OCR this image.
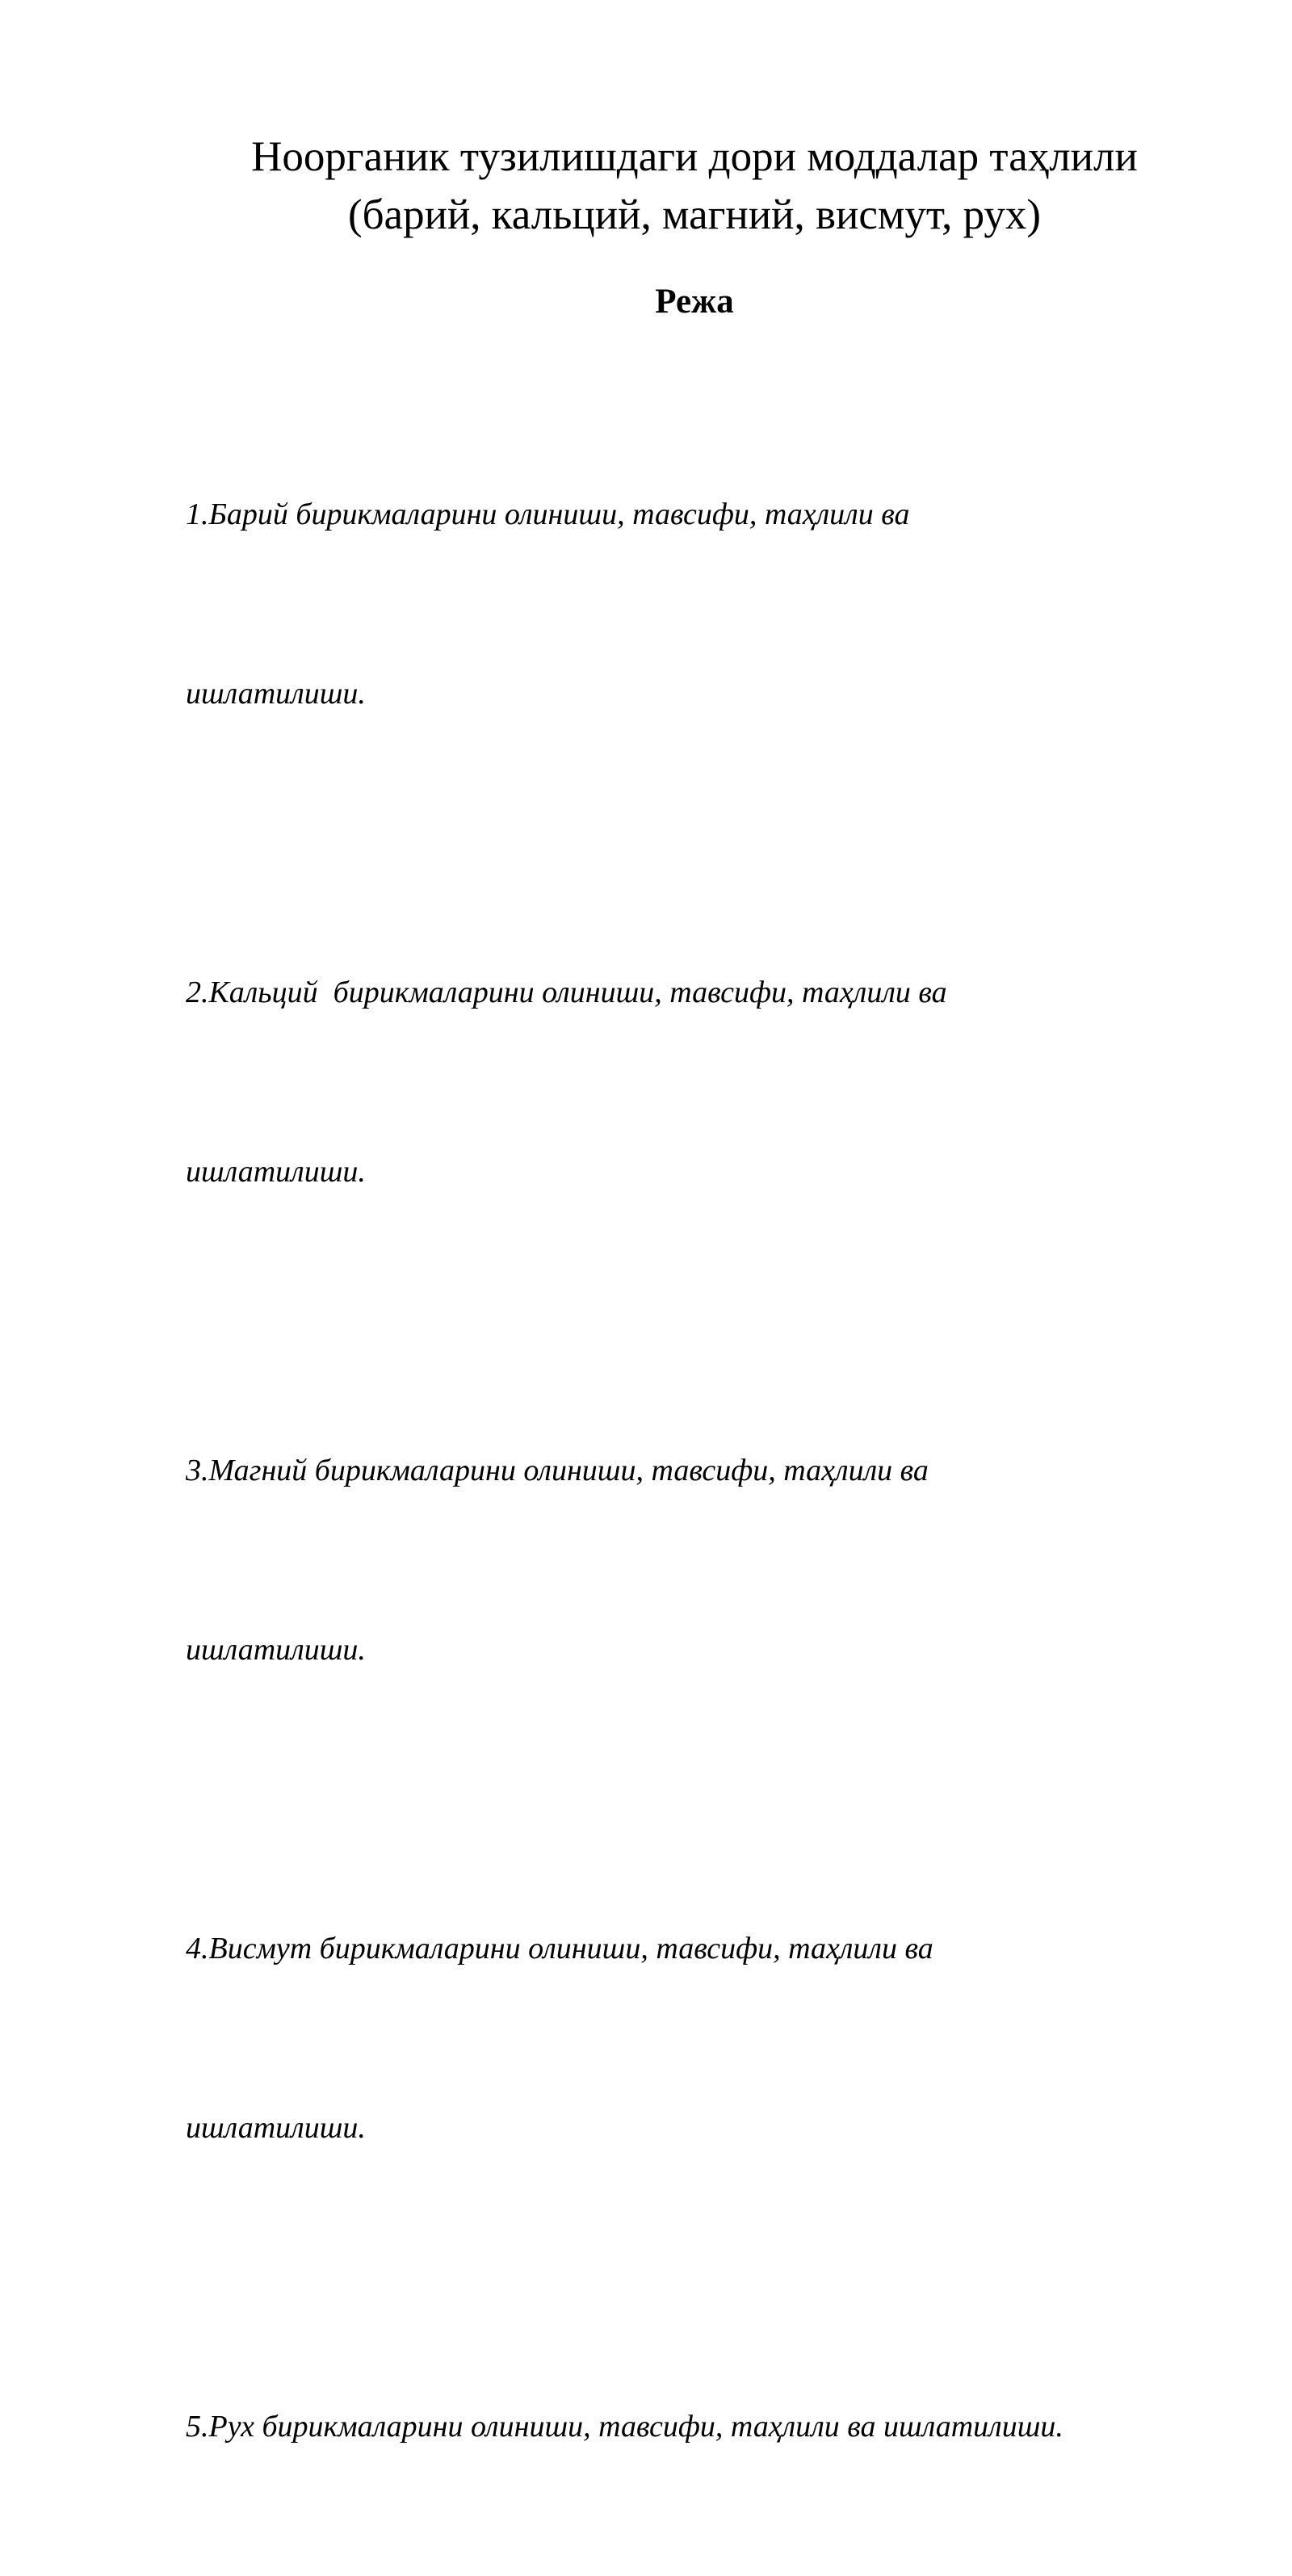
Ноорганик тузилишдаги дори моддалар таҳлили
(барий, кальций, магний, висмут, рух)
Режа

1.Барий бирикмаларини олиниши, тавсифи, таҳлили ва

ишлатилиши.

2.Кальций  бирикмаларини олиниши, тавсифи, таҳлили ва

ишлатилиши.

3.Магний бирикмаларини олиниши, тавсифи, таҳлили ва

ишлатилиши.

4.Висмут бирикмаларини олиниши, тавсифи, таҳлили ва

ишлатилиши.

5.Рух бирикмаларини олиниши, тавсифи, таҳлили ва ишлатилиши.
